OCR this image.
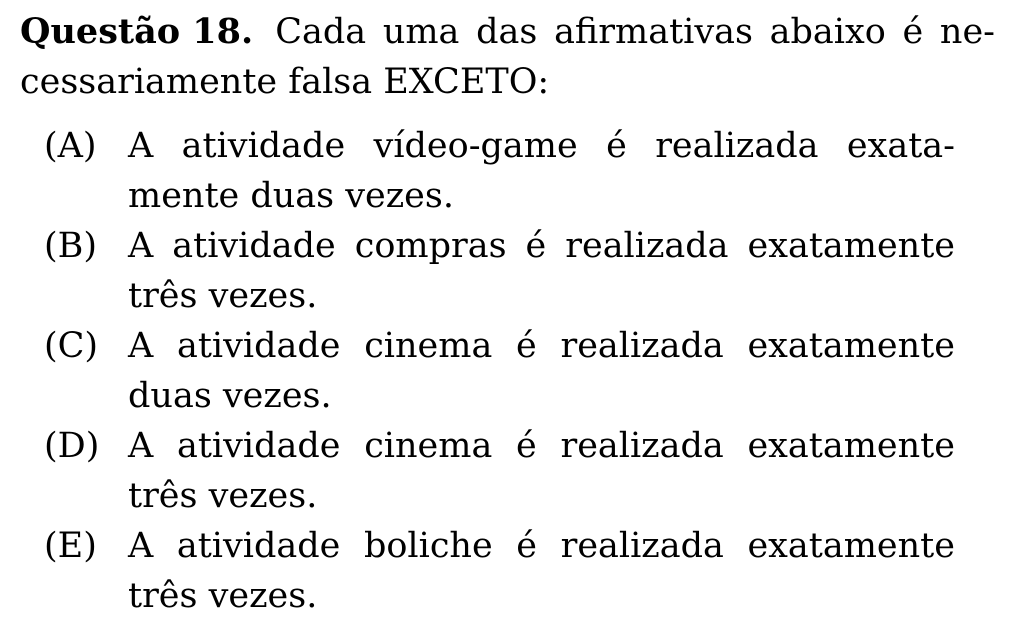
Questão 18. Cada uma das afirmativas abaixo é ne-
cessariamente falsa EXCETO:
(A) A atividade vídeo-game é realizada exata-
mente duas vezes.
(B) A atividade compras é realizada exatamente
três vezes.
(C) A atividade cinema é realizada exatamente
duas vezes.
(D) A atividade cinema é realizada exatamente
três vezes.
(E) A atividade boliche é realizada exatamente
três vezes.
